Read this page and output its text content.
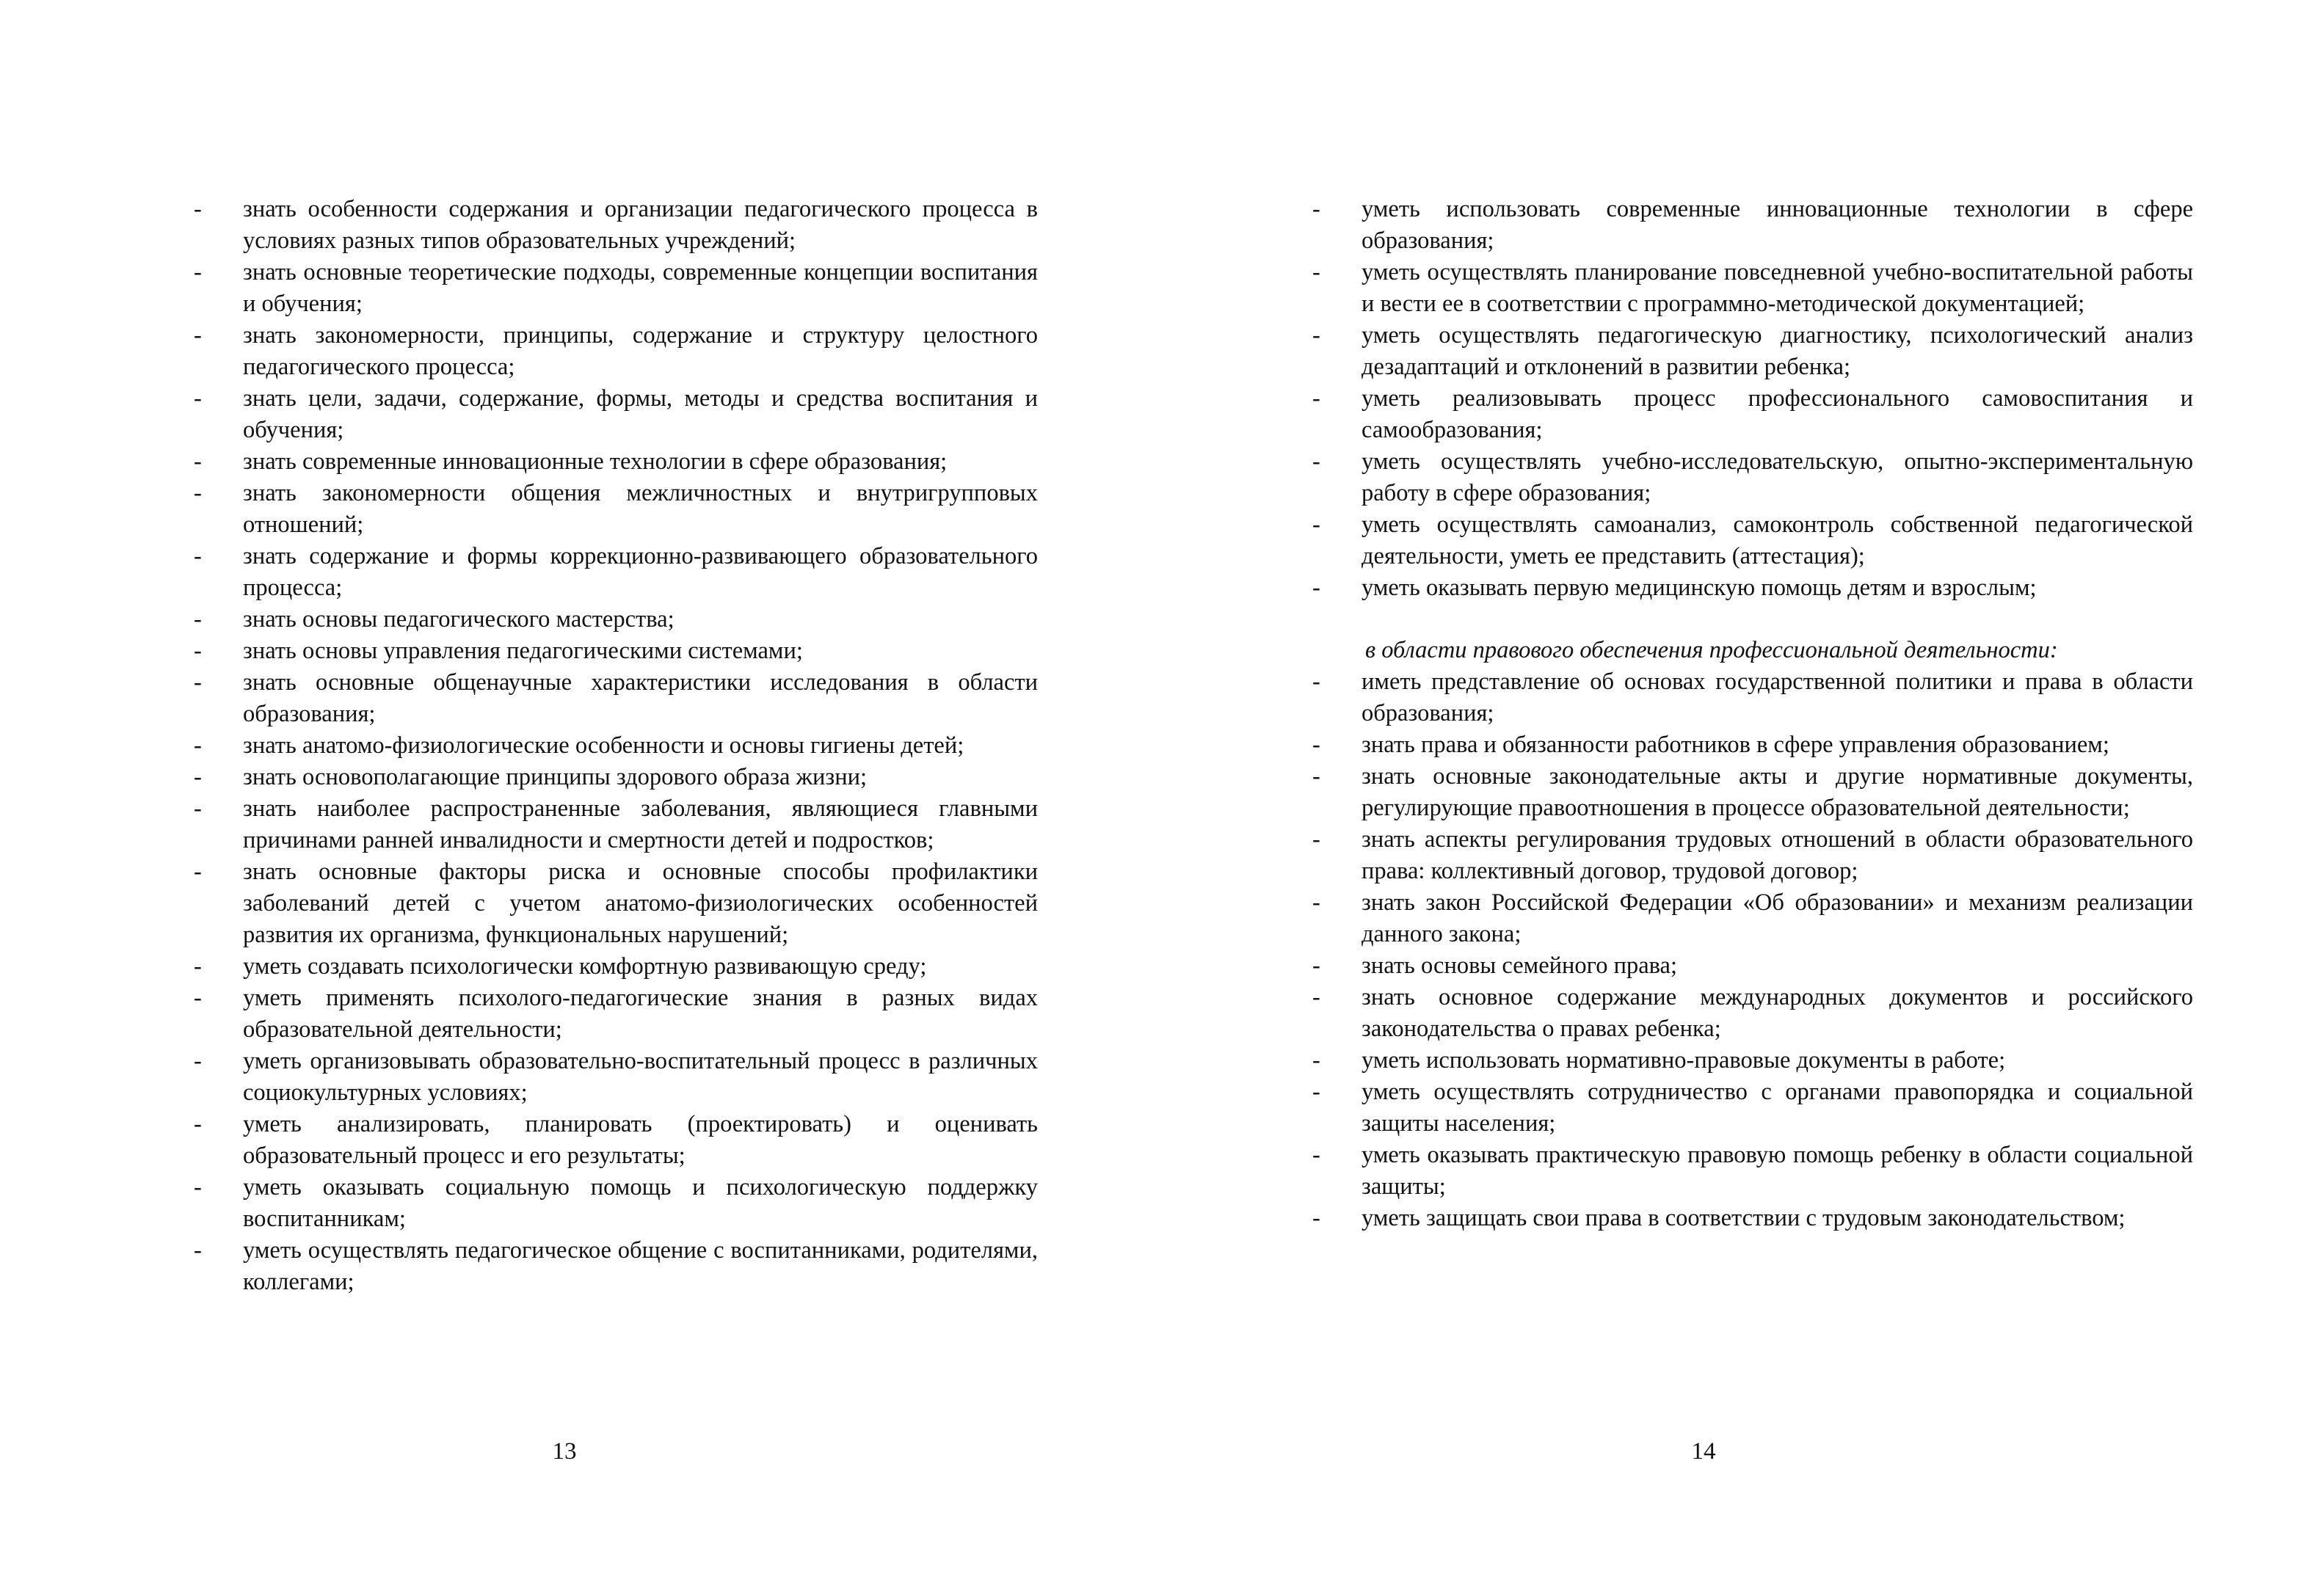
- знать особенности содержания и организации педагогического процесса в условиях разных типов образовательных учреждений;
- знать основные теоретические подходы, современные концепции воспитания и обучения;
- знать закономерности, принципы, содержание и структуру целостного педагогического процесса;
- знать цели, задачи, содержание, формы, методы и средства воспитания и обучения;
- знать современные инновационные технологии в сфере образования;
- знать закономерности общения межличностных и внутригрупповых отношений;
- знать содержание и формы коррекционно-развивающего образовательного процесса;
- знать основы педагогического мастерства;
- знать основы управления педагогическими системами;
- знать основные общенаучные характеристики исследования в области образования;
- знать анатомо-физиологические особенности и основы гигиены детей;
- знать основополагающие принципы здорового образа жизни;
- знать наиболее распространенные заболевания, являющиеся главными причинами ранней инвалидности и смертности детей и подростков;
- знать основные факторы риска и основные способы профилактики заболеваний детей с учетом анатомо-физиологических особенностей развития их организма, функциональных нарушений;
- уметь создавать психологически комфортную развивающую среду;
- уметь применять психолого-педагогические знания в разных видах образовательной деятельности;
- уметь организовывать образовательно-воспитательный процесс в различных социокультурных условиях;
- уметь анализировать, планировать (проектировать) и оценивать образовательный процесс и его результаты;
- уметь оказывать социальную помощь и психологическую поддержку воспитанникам;
- уметь осуществлять педагогическое общение с воспитанниками, родителями, коллегами;
13
- уметь использовать современные инновационные технологии в сфере образования;
- уметь осуществлять планирование повседневной учебно-воспитательной работы и вести ее в соответствии с программно-методической документацией;
- уметь осуществлять педагогическую диагностику, психологический анализ дезадаптаций и отклонений в развитии ребенка;
- уметь реализовывать процесс профессионального самовоспитания и самообразования;
- уметь осуществлять учебно-исследовательскую, опытно-экспериментальную работу в сфере образования;
- уметь осуществлять самоанализ, самоконтроль собственной педагогической деятельности, уметь ее представить (аттестация);
- уметь оказывать первую медицинскую помощь детям и взрослым;
в области правового обеспечения профессиональной деятельности:
- иметь представление об основах государственной политики и права в области образования;
- знать права и обязанности работников в сфере управления образованием;
- знать основные законодательные акты и другие нормативные документы, регулирующие правоотношения в процессе образовательной деятельности;
- знать аспекты регулирования трудовых отношений в области образовательного права: коллективный договор, трудовой договор;
- знать закон Российской Федерации «Об образовании» и механизм реализации данного закона;
- знать основы семейного права;
- знать основное содержание международных документов и российского законодательства о правах ребенка;
- уметь использовать нормативно-правовые документы в работе;
- уметь осуществлять сотрудничество с органами правопорядка и социальной защиты населения;
- уметь оказывать практическую правовую помощь ребенку в области социальной защиты;
- уметь защищать свои права в соответствии с трудовым законодательством;
14
